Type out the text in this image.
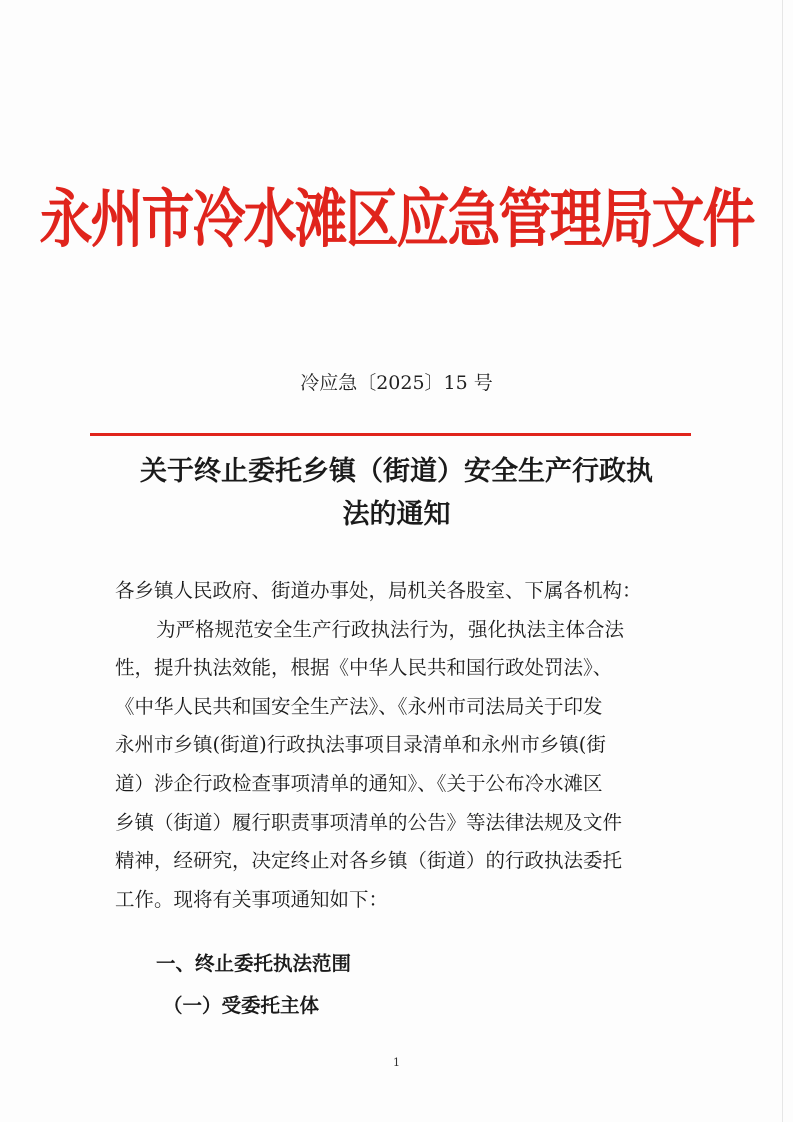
永州市冷水滩区应急管理局文件
冷应急〔2025〕15 号
关于终止委托乡镇（街道）安全生产行政执
法的通知
各乡镇人民政府、街道办事处，局机关各股室、下属各机构：
为严格规范安全生产行政执法行为，强化执法主体合法
性，提升执法效能，根据《中华人民共和国行政处罚法》、
《中华人民共和国安全生产法》、《永州市司法局关于印发
永州市乡镇(街道)行政执法事项目录清单和永州市乡镇(街
道）涉企行政检查事项清单的通知》、《关于公布冷水滩区
乡镇（街道）履行职责事项清单的公告》等法律法规及文件
精神，经研究，决定终止对各乡镇（街道）的行政执法委托
工作。现将有关事项通知如下：
一、终止委托执法范围
（一）受委托主体
1
